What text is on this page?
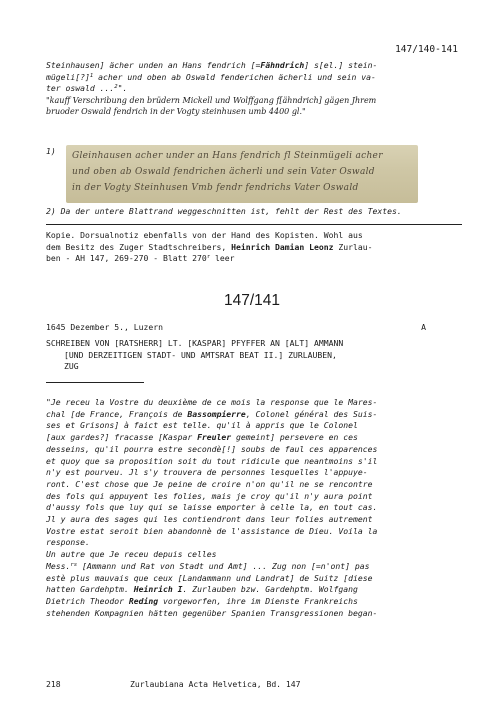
147/140-141

Steinhausen] ächer unden an Hans fendrich [=Fähndrich] s[el.] stein-

mügeli[?]$^1$ acher und oben ab Oswald fenderichen ächerli und sein va-

ter oswald ...$^2$".

"kauff Verschribung den brüdern Mickell und Wolffgang f[ähndrich] gägen Jhrem

bruoder Oswald fendrich in der Vogty steinhusen umb 4400 gl."

1) Gleinhausen acher under an Hans fendrich fl Steinmügeli acher
und oben ab Oswald fendrichen ächerli und sein Vater Oswald
in der Vogty Steinhusen Vmb fendr fendrichs Vater Oswald
2) Da der untere Blattrand weggeschnitten ist, fehlt der Rest des Textes.

Kopie. Dorsualnotiz ebenfalls von der Hand des Kopisten. Wohl aus

dem Besitz des Zuger Stadtschreibers, Heinrich Damian Leonz Zurlau-

ben - AH 147, 269-270 - Blatt 270$^r$ leer

147/141
1645 Dezember 5., Luzern	A
SCHREIBEN VON [RATSHERR] LT. [KASPAR] PFYFFER AN [ALT] AMMANN
[UND DERZEITIGEN STADT- UND AMTSRAT BEAT II.] ZURLAUBEN,
ZUG

"Je receu la Vostre du deuxième de ce mois la response que le Mares-

chal [de France, François de Bassompierre, Colonel général des Suis-

ses et Grisons] à faict est telle. qu'il à appris que le Colonel

[aux gardes?] fracasse [Kaspar Freuler gemeint] persevere en ces

desseins, qu'il pourra estre secondè[!] soubs de faul ces apparences

et quoy que sa proposition soit du tout ridicule que neantmoins s'il

n'y est pourveu. Jl s'y trouvera de personnes lesquelles l'appuye-

ront. C'est chose que Je peine de croire n'on qu'il ne se rencontre

des fols qui appuyent les folies, mais je croy qu'il n'y aura point

d'aussy fols que luy qui se laisse emporter à celle la, en tout cas.

Jl y aura des sages qui les contiendront dans leur folies autrement

Vostre estat seroit bien abandonnè de l'assistance de Dieu. Voila la

response.

Un autre que Je receu depuis celles

Mess.$^{rs}$ [Ammann und Rat von Stadt und Amt] ... Zug non [=n'ont] pas

estè plus mauvais que ceux [Landammann und Landrat] de Suitz [diese

hatten Gardehptm. Heinrich I. Zurlauben bzw. Gardehptm. Wolfgang

Dietrich Theodor Reding vorgeworfen, ihre im Dienste Frankreichs

stehenden Kompagnien hätten gegenüber Spanien Transgressionen began-

218	Zurlaubiana Acta Helvetica, Bd. 147
